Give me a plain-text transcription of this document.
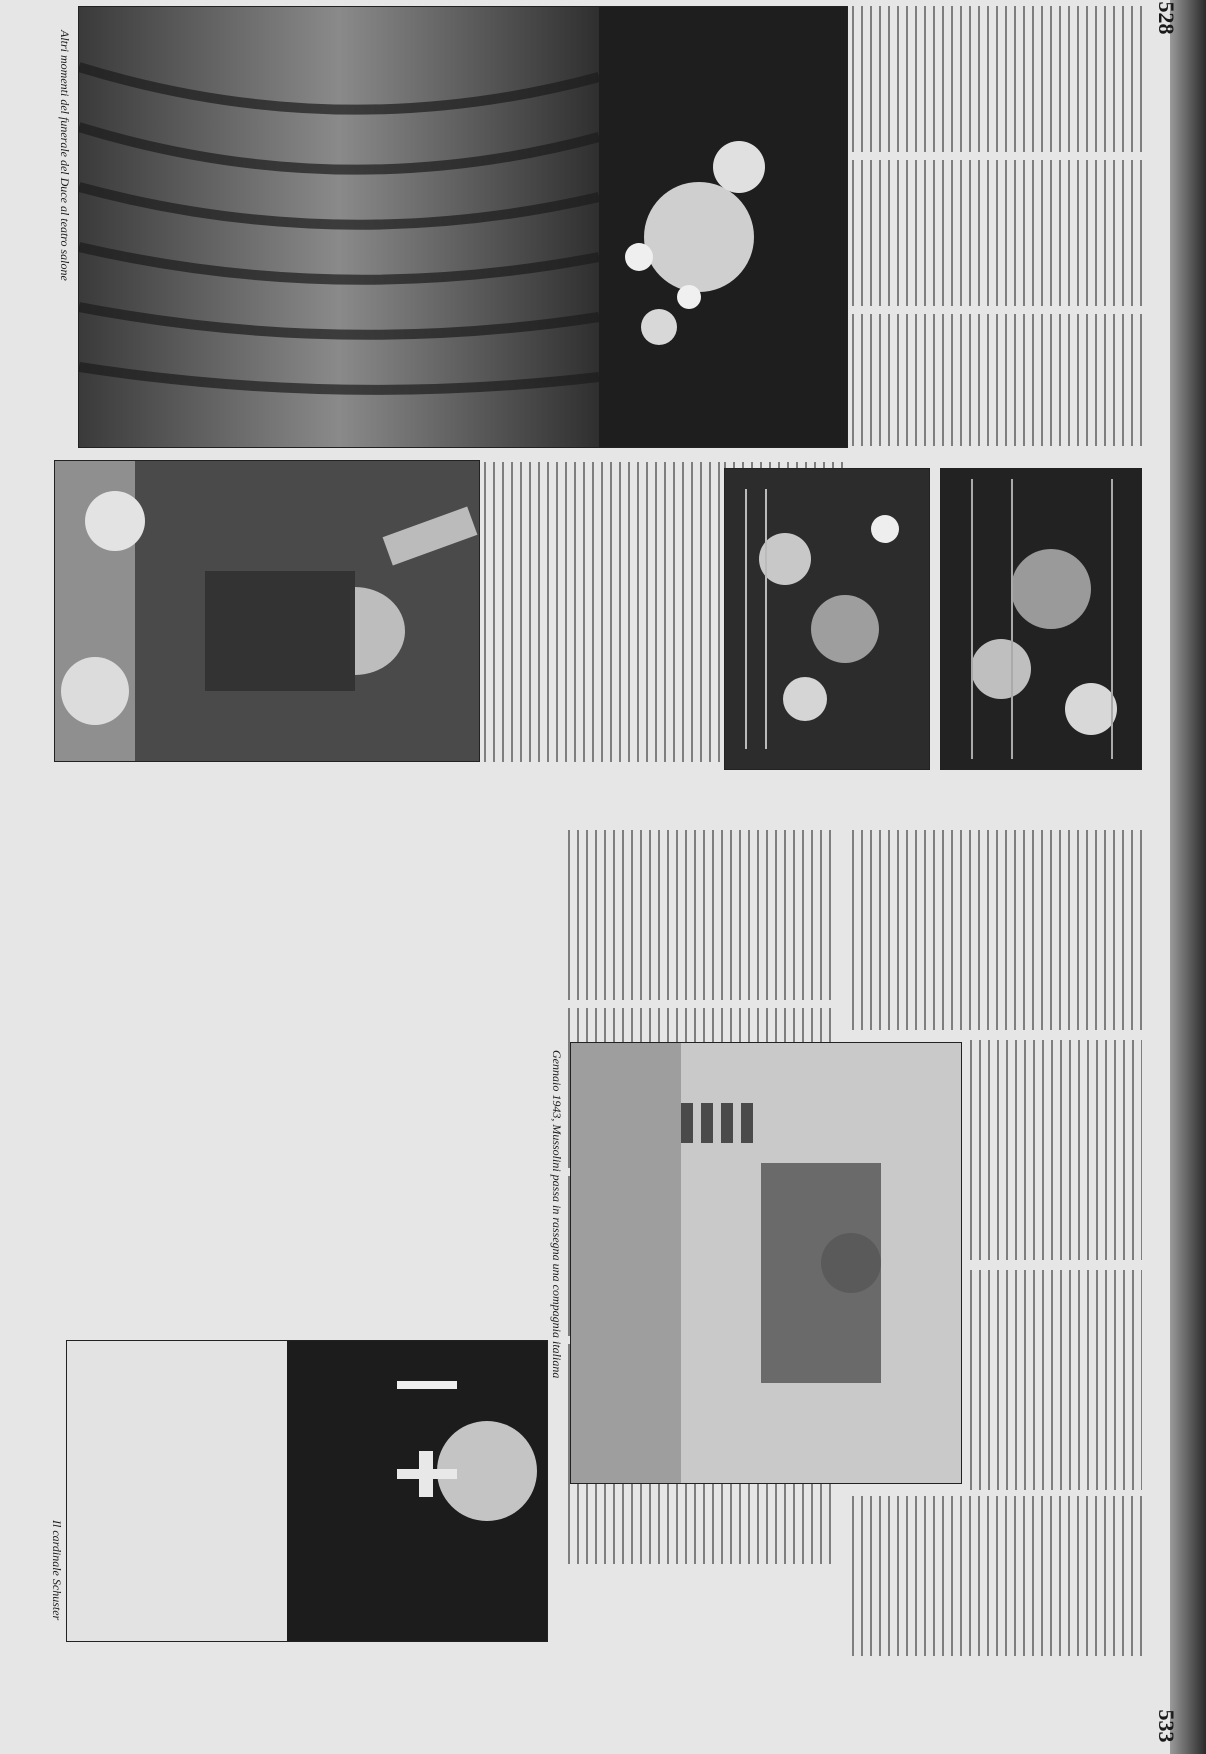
528
533
Altri momenti del funerale del Duce al teatro salone
Gennaio 1943, Mussolini passa in rassegna una compagnia italiana
Il cardinale Schuster
